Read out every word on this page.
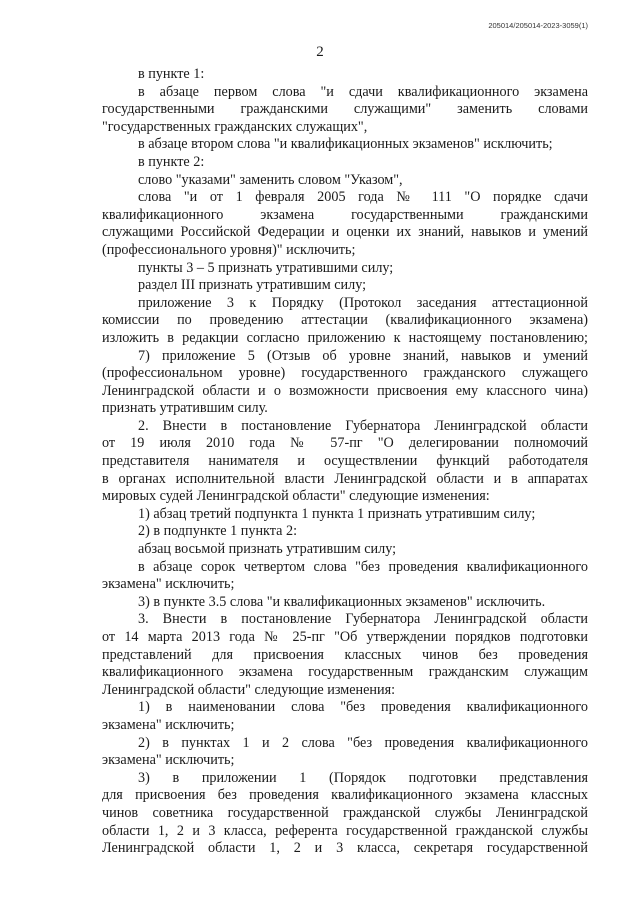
205014/205014-2023-3059(1)
2
в пункте 1:
в абзаце первом слова "и сдачи квалификационного экзамена
государственными гражданскими служащими" заменить словами
"государственных гражданских служащих",
в абзаце втором слова "и квалификационных экзаменов" исключить;
в пункте 2:
слово "указами" заменить словом "Указом",
слова "и от 1 февраля 2005 года № 111 "О порядке сдачи
квалификационного экзамена государственными гражданскими
служащими Российской Федерации и оценки их знаний, навыков и умений
(профессионального уровня)" исключить;
пункты 3 – 5 признать утратившими силу;
раздел III признать утратившим силу;
приложение 3 к Порядку (Протокол заседания аттестационной
комиссии по проведению аттестации (квалификационного экзамена)
изложить в редакции согласно приложению к настоящему постановлению;
7) приложение 5 (Отзыв об уровне знаний, навыков и умений
(профессиональном уровне) государственного гражданского служащего
Ленинградской области и о возможности присвоения ему классного чина)
признать утратившим силу.
2. Внести в постановление Губернатора Ленинградской области
от 19 июля 2010 года № 57-пг "О делегировании полномочий
представителя нанимателя и осуществлении функций работодателя
в органах исполнительной власти Ленинградской области и в аппаратах
мировых судей Ленинградской области" следующие изменения:
1) абзац третий подпункта 1 пункта 1 признать утратившим силу;
2) в подпункте 1 пункта 2:
абзац восьмой признать утратившим силу;
в абзаце сорок четвертом слова "без проведения квалификационного
экзамена" исключить;
3) в пункте 3.5 слова "и квалификационных экзаменов" исключить.
3. Внести в постановление Губернатора Ленинградской области
от 14 марта 2013 года № 25-пг "Об утверждении порядков подготовки
представлений для присвоения классных чинов без проведения
квалификационного экзамена государственным гражданским служащим
Ленинградской области" следующие изменения:
1) в наименовании слова "без проведения квалификационного
экзамена" исключить;
2) в пунктах 1 и 2 слова "без проведения квалификационного
экзамена" исключить;
3) в приложении 1 (Порядок подготовки представления
для присвоения без проведения квалификационного экзамена классных
чинов советника государственной гражданской службы Ленинградской
области 1, 2 и 3 класса, референта государственной гражданской службы
Ленинградской области 1, 2 и 3 класса, секретаря государственной
